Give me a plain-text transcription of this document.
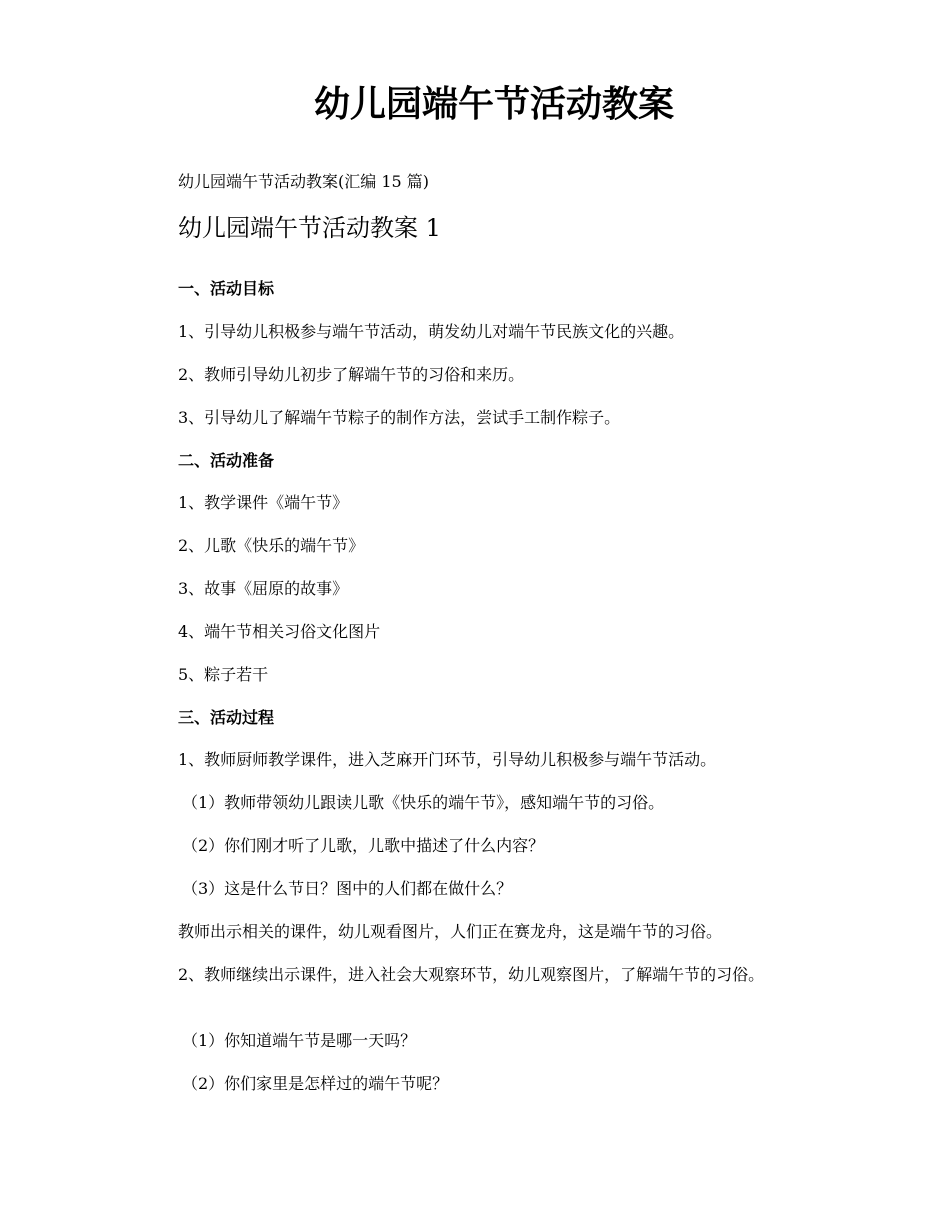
幼儿园端午节活动教案
幼儿园端午节活动教案(汇编 15 篇)
幼儿园端午节活动教案 1
一、活动目标
1、引导幼儿积极参与端午节活动，萌发幼儿对端午节民族文化的兴趣。
2、教师引导幼儿初步了解端午节的习俗和来历。
3、引导幼儿了解端午节粽子的制作方法，尝试手工制作粽子。
二、活动准备
1、教学课件《端午节》
2、儿歌《快乐的端午节》
3、故事《屈原的故事》
4、端午节相关习俗文化图片
5、粽子若干
三、活动过程
1、教师厨师教学课件，进入芝麻开门环节，引导幼儿积极参与端午节活动。
（1）教师带领幼儿跟读儿歌《快乐的端午节》，感知端午节的习俗。
（2）你们刚才听了儿歌，儿歌中描述了什么内容？
（3）这是什么节日？图中的人们都在做什么？
教师出示相关的课件，幼儿观看图片，人们正在赛龙舟，这是端午节的习俗。
2、教师继续出示课件，进入社会大观察环节，幼儿观察图片，了解端午节的习俗。
（1）你知道端午节是哪一天吗？
（2）你们家里是怎样过的端午节呢？
